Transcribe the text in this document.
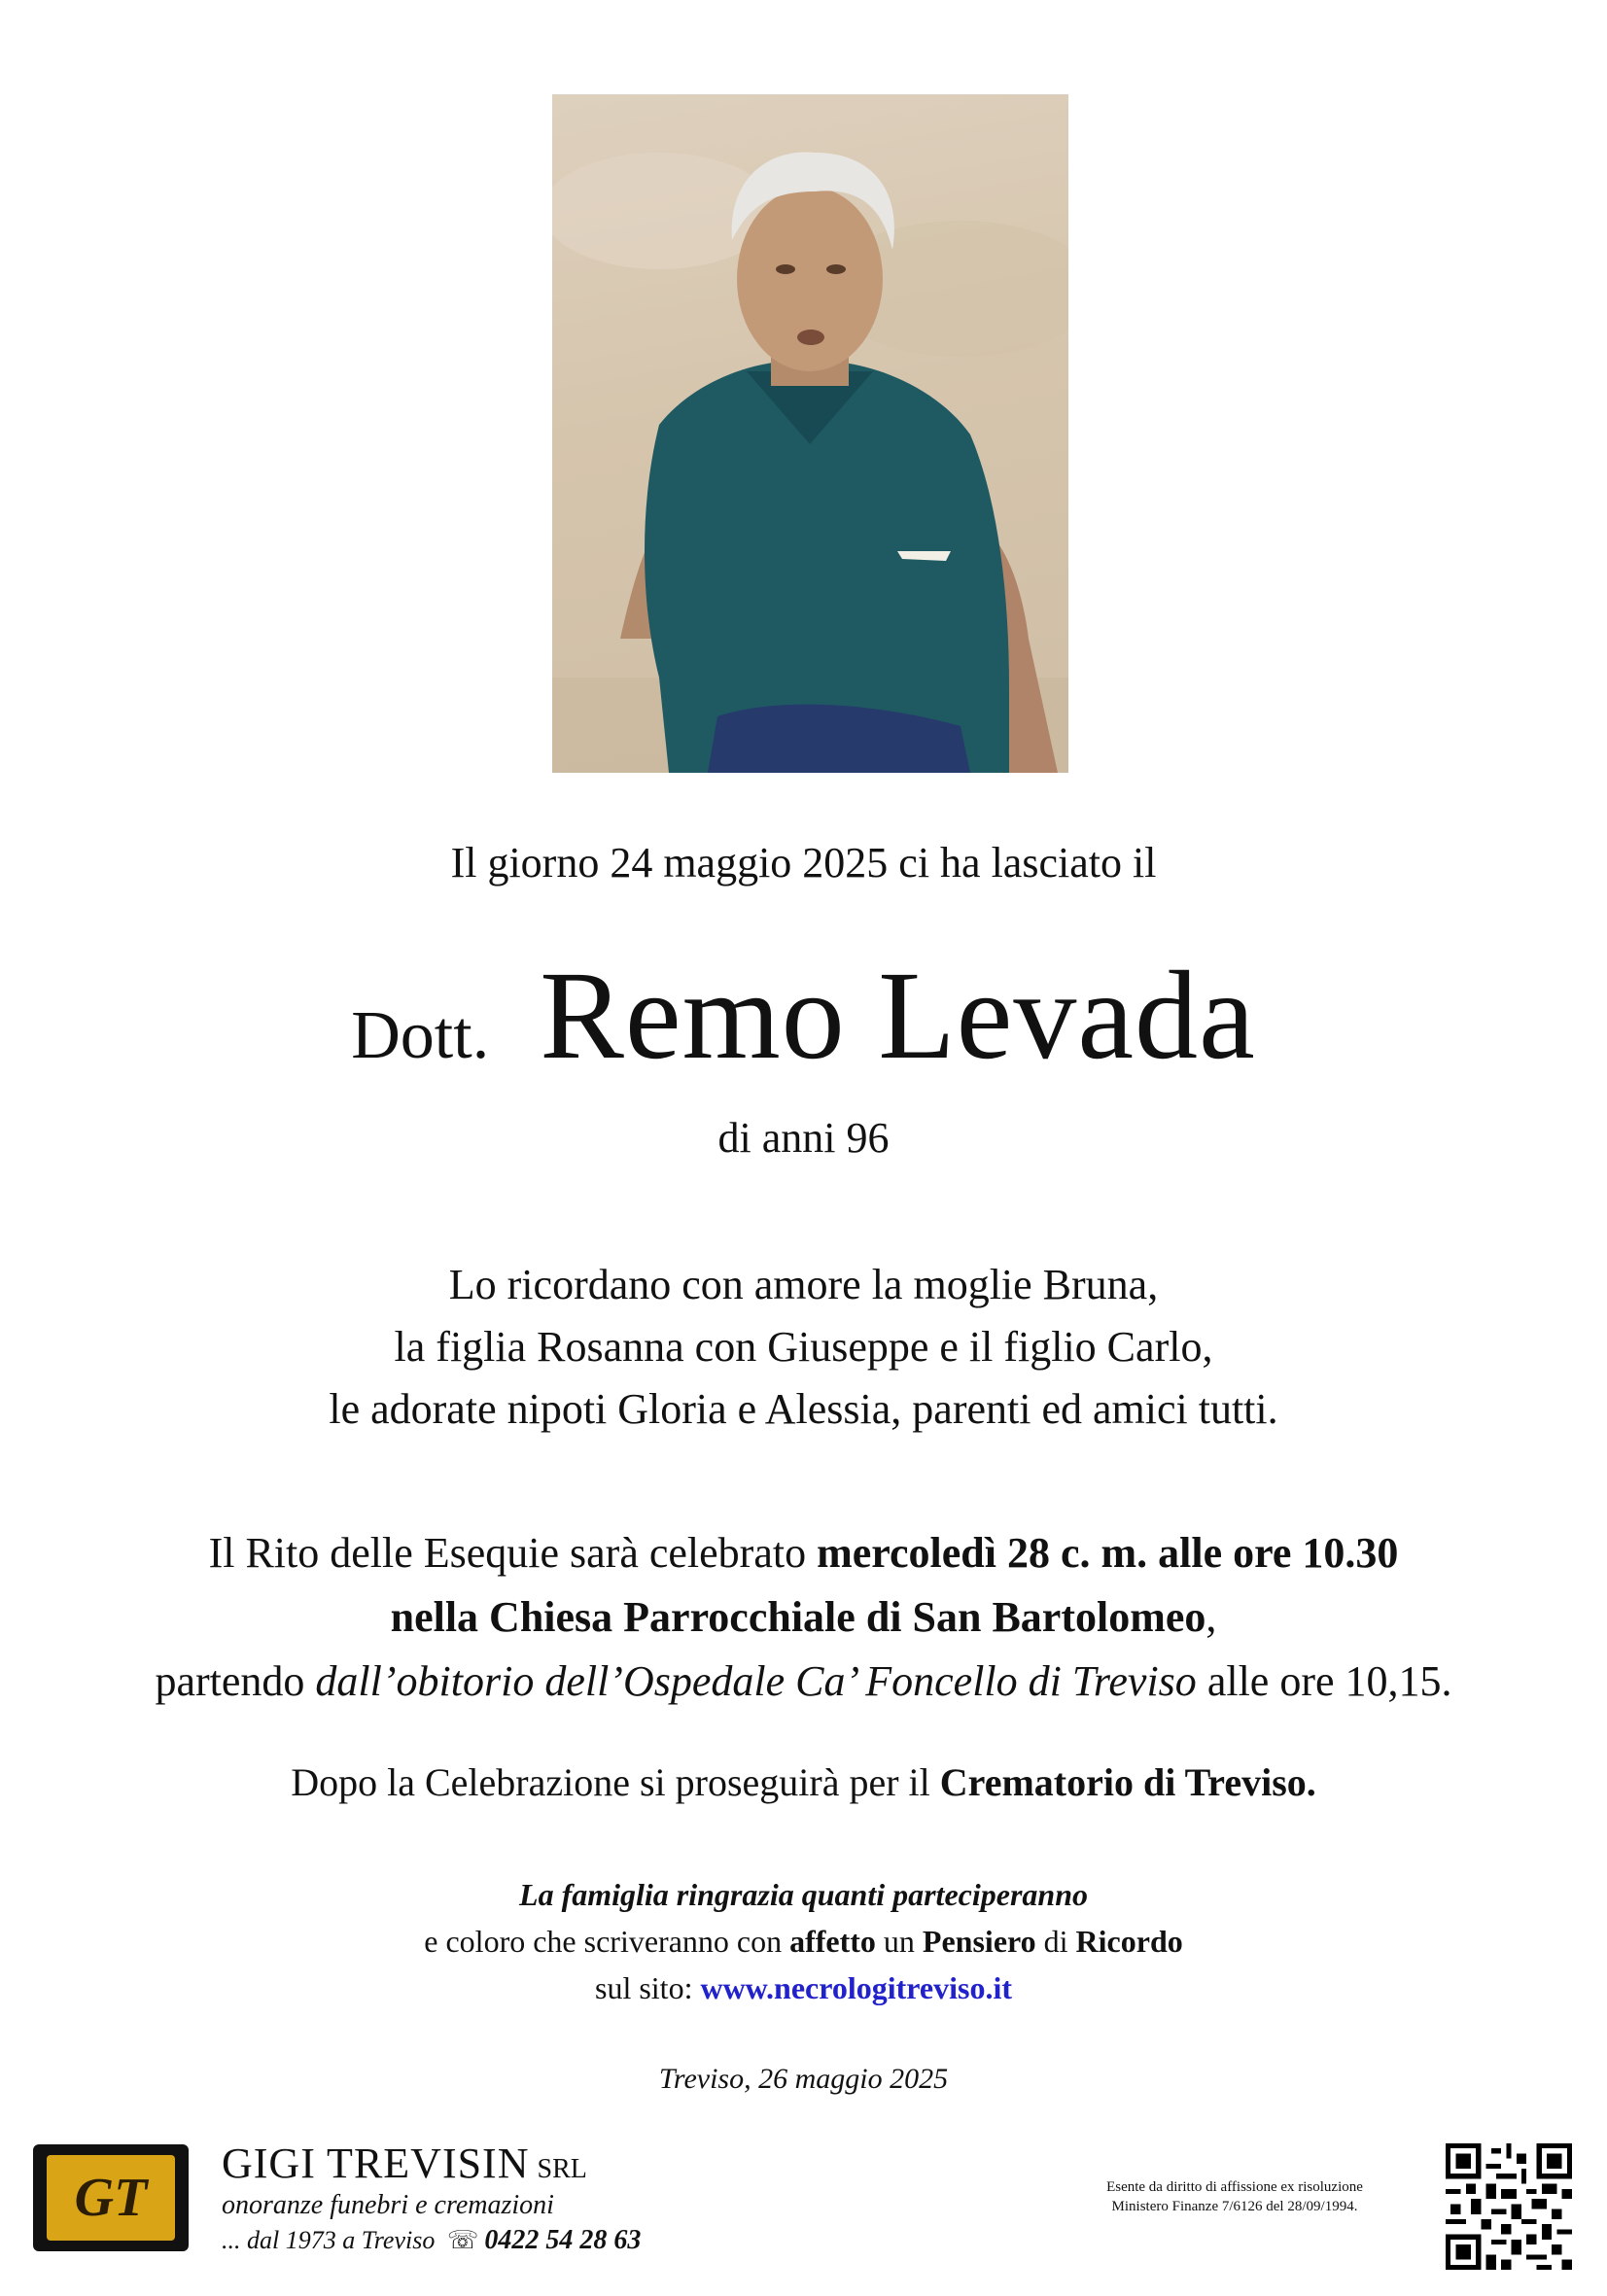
Il giorno 24 maggio 2025 ci ha lasciato il
Dott. Remo Levada
di anni 96
Lo ricordano con amore la moglie Bruna,
la figlia Rosanna con Giuseppe e il figlio Carlo,
le adorate nipoti Gloria e Alessia, parenti ed amici tutti.
Il Rito delle Esequie sarà celebrato mercoledì 28 c. m. alle ore 10.30
nella Chiesa Parrocchiale di San Bartolomeo,
partendo dall’obitorio dell’Ospedale Ca’ Foncello di Treviso alle ore 10,15.
Dopo la Celebrazione si proseguirà per il Crematorio di Treviso.
La famiglia ringrazia quanti parteciperanno
e coloro che scriveranno con affetto un Pensiero di Ricordo
sul sito: www.necrologitreviso.it
Treviso, 26 maggio 2025
GT
GIGI TREVISIN SRL
onoranze funebri e cremazioni
... dal 1973 a Treviso ☏ 0422 54 28 63
Esente da diritto di affissione ex risoluzione
Ministero Finanze 7/6126 del 28/09/1994.
